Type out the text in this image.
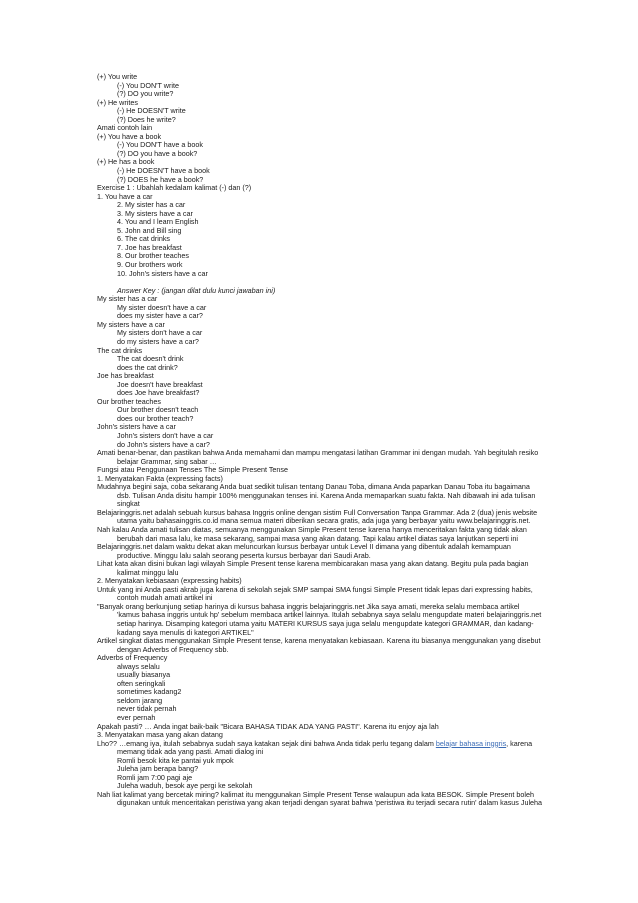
(+) You write
(-) You DON'T write
(?) DO you write?
(+) He writes
(-) He DOESN'T write
(?) Does he write?
Amati contoh lain
(+) You have a book
(-) You DON'T have a book
(?) DO you have a book?
(+) He has a book
(-) He DOESN'T have a book
(?) DOES he have a book?
Exercise 1 : Ubahlah kedalam kalimat (-) dan (?)
1. You have a car
2. My sister has a car
3. My sisters have a car
4. You and I learn English
5. John and Bill sing
6. The cat drinks
7. Joe has breakfast
8. Our brother teaches
9. Our brothers work
10. John's sisters have a car

Answer Key : (jangan dilat dulu kunci jawaban ini)
My sister has a car
My sister doesn't have a car
does my sister have a car?
My sisters have a car
My sisters don't have a car
do my sisters have a car?
The cat drinks
The cat doesn't drink
does the cat drink?
Joe has breakfast
Joe doesn't have breakfast
does Joe have breakfast?
Our brother teaches
Our brother doesn't teach
does our brother teach?
John's sisters have a car
John's sisters don't have a car
do John's sisters have a car?
Amati benar-benar, dan pastikan bahwa Anda memahami dan mampu mengatasi latihan Grammar ini dengan mudah. Yah begitulah resiko
belajar Grammar, sing sabar …
Fungsi atau Penggunaan Tenses The Simple Present Tense
1. Menyatakan Fakta (expressing facts)
Mudahnya begini saja, coba sekarang Anda buat sedikit tulisan tentang Danau Toba, dimana Anda paparkan Danau Toba itu bagaimana
dsb. Tulisan Anda disitu hampir 100% menggunakan tenses ini. Karena Anda memaparkan suatu fakta. Nah dibawah ini ada tulisan
singkat
Belajaringgris.net adalah sebuah kursus bahasa Inggris online dengan sistim Full Conversation Tanpa Grammar. Ada 2 (dua) jenis website
utama yaitu bahasainggris.co.id mana semua materi diberikan secara gratis, ada juga yang berbayar yaitu www.belajaringgris.net.
Nah kalau Anda amati tulisan diatas, semuanya menggunakan Simple Present tense karena hanya menceritakan fakta yang tidak akan
berubah dari masa lalu, ke masa sekarang, sampai masa yang akan datang. Tapi kalau artikel diatas saya lanjutkan seperti ini
Belajaringgris.net dalam waktu dekat akan meluncurkan kursus berbayar untuk Level II dimana yang dibentuk adalah kemampuan
productive. Minggu lalu salah seorang peserta kursus berbayar dari Saudi Arab.
Lihat kata akan disini bukan lagi wilayah Simple Present tense karena membicarakan masa yang akan datang. Begitu pula pada bagian
kalimat minggu lalu
2. Menyatakan kebiasaan (expressing habits)
Untuk yang ini Anda pasti akrab juga karena di sekolah sejak SMP sampai SMA fungsi Simple Present tidak lepas dari expressing habits,
contoh mudah amati artikel ini
"Banyak orang berkunjung setiap harinya di kursus bahasa inggris belajaringgris.net Jika saya amati, mereka selalu membaca artikel
'kamus bahasa inggris untuk hp' sebelum membaca artikel lainnya. Itulah sebabnya saya selalu mengupdate materi belajaringgris.net
setiap harinya. Disamping kategori utama yaitu MATERI KURSUS saya juga selalu mengupdate kategori GRAMMAR, dan kadang-
kadang saya menulis di kategori ARTIKEL"
Artikel singkat diatas menggunakan Simple Present tense, karena menyatakan kebiasaan. Karena itu biasanya menggunakan yang disebut
dengan Adverbs of Frequency sbb.
Adverbs of Frequency
always selalu
usually biasanya
often seringkali
sometimes kadang2
seldom jarang
never tidak pernah
ever pernah
Apakah pasti? … Anda ingat baik-baik "Bicara BAHASA TIDAK ADA YANG PASTI". Karena itu enjoy aja lah
3. Menyatakan masa yang akan datang
Lho?? …emang iya, itulah sebabnya sudah saya katakan sejak dini bahwa Anda tidak perlu tegang dalam belajar bahasa inggris, karena
memang tidak ada yang pasti. Amati dialog ini
Romli besok kita ke pantai yuk mpok
Juleha jam berapa bang?
Romli jam 7:00 pagi aje
Juleha waduh, besok aye pergi ke sekolah
Nah liat kalimat yang bercetak miring? kalimat itu menggunakan Simple Present Tense walaupun ada kata BESOK. Simple Present boleh
digunakan untuk menceritakan peristiwa yang akan terjadi dengan syarat bahwa 'peristiwa itu terjadi secara rutin' dalam kasus Juleha
